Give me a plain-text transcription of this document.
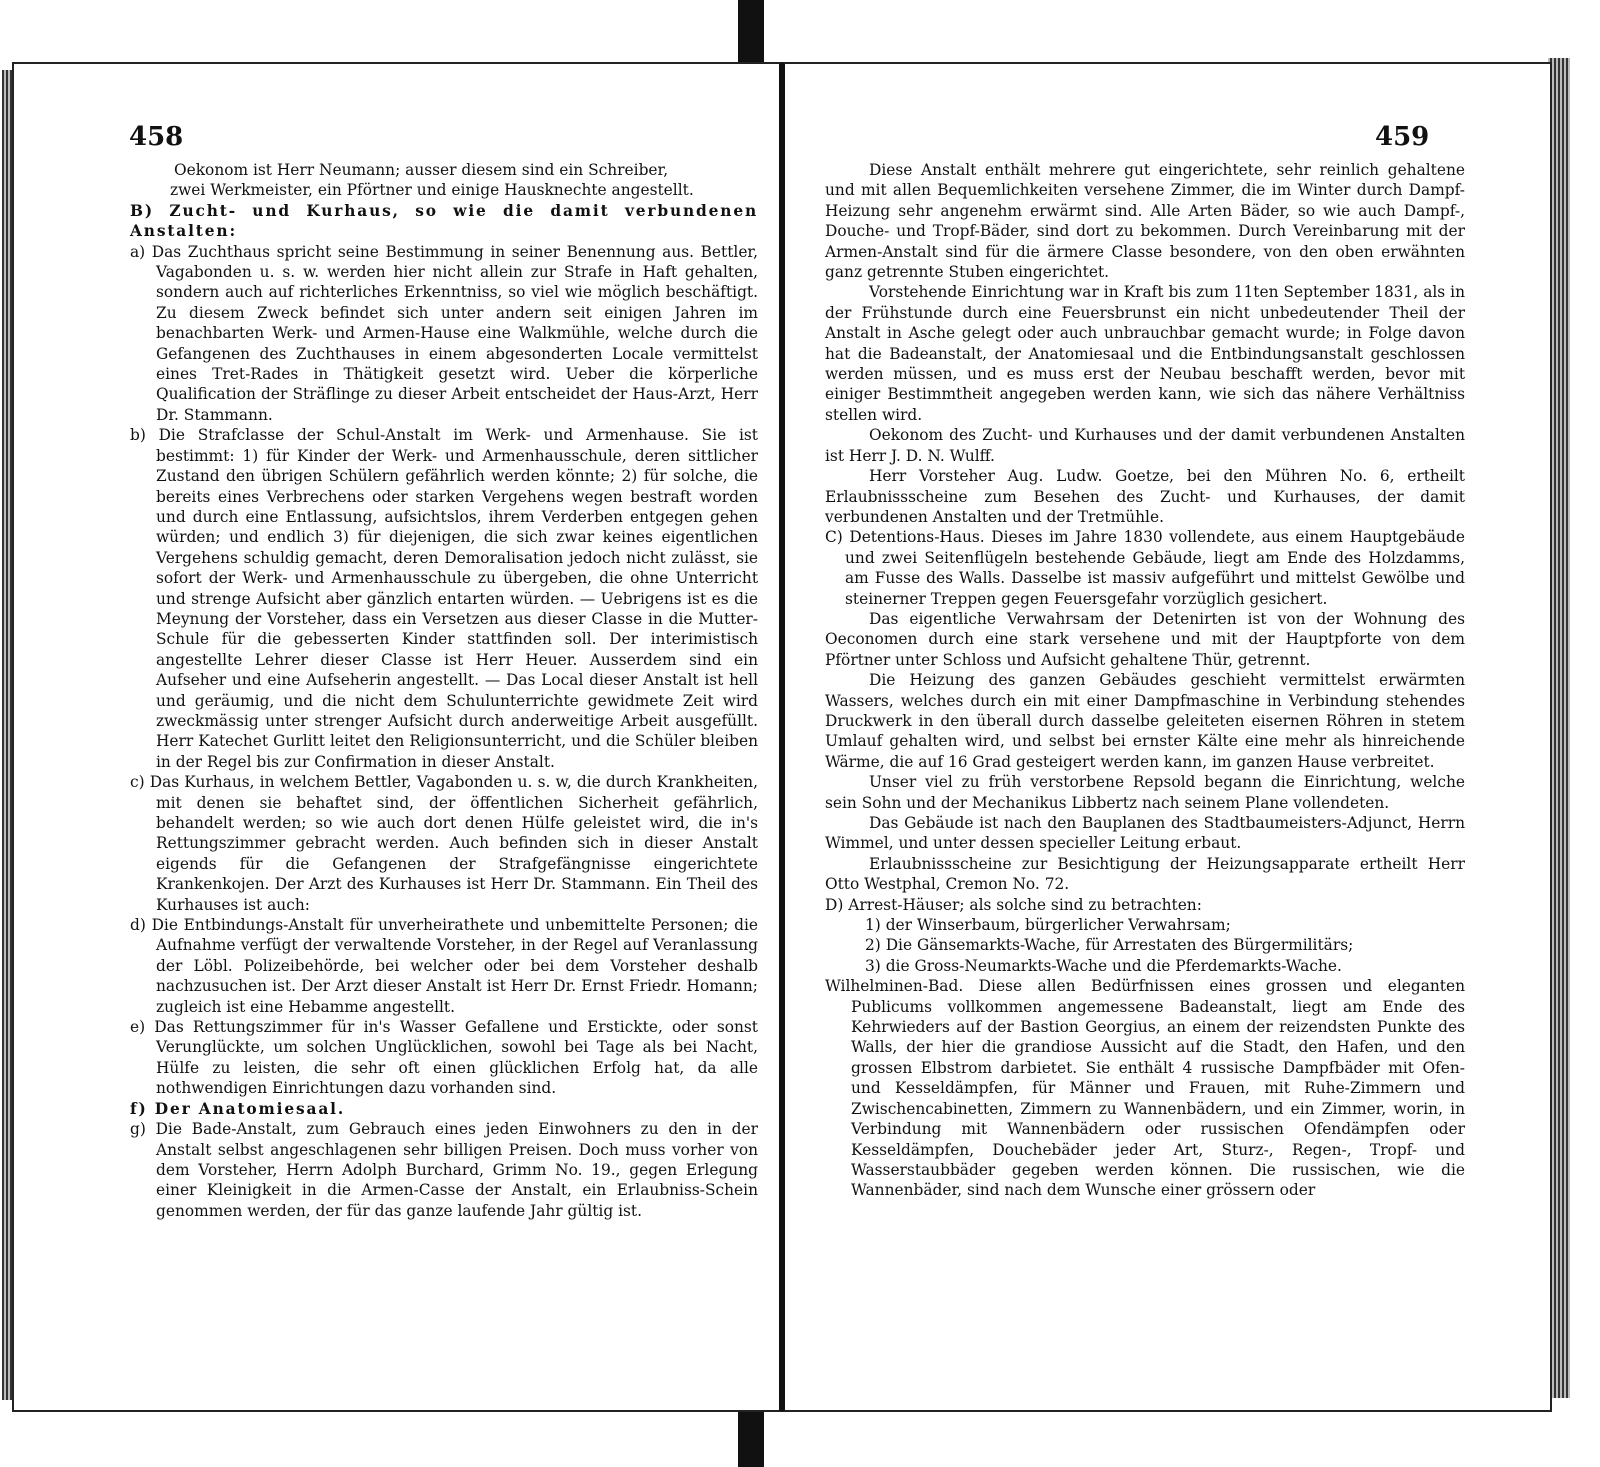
458

Oekonom ist Herr Neumann; ausser diesem sind ein Schreiber,

zwei Werkmeister, ein Pförtner und einige Hausknechte angestellt.

B) Zucht- und Kurhaus, so wie die damit verbundenen Anstalten:

a) Das Zuchthaus spricht seine Bestimmung in seiner Benennung aus. Bettler, Vagabonden u. s. w. werden hier nicht allein zur Strafe in Haft gehalten, sondern auch auf richterliches Erkenntniss, so viel wie möglich beschäftigt. Zu diesem Zweck befindet sich unter andern seit einigen Jahren im benachbarten Werk- und Armen-Hause eine Walkmühle, welche durch die Gefangenen des Zuchthauses in einem abgesonderten Locale vermittelst eines Tret-Rades in Thätigkeit gesetzt wird. Ueber die körperliche Qualification der Sträflinge zu dieser Arbeit entscheidet der Haus-Arzt, Herr Dr. Stammann.

b) Die Strafclasse der Schul-Anstalt im Werk- und Armenhause. Sie ist bestimmt: 1) für Kinder der Werk- und Armenhausschule, deren sittlicher Zustand den übrigen Schülern gefährlich werden könnte; 2) für solche, die bereits eines Verbrechens oder starken Vergehens wegen bestraft worden und durch eine Entlassung, aufsichtslos, ihrem Verderben entgegen gehen würden; und endlich 3) für diejenigen, die sich zwar keines eigentlichen Vergehens schuldig gemacht, deren Demoralisation jedoch nicht zulässt, sie sofort der Werk- und Armenhausschule zu übergeben, die ohne Unterricht und strenge Aufsicht aber gänzlich entarten würden. — Uebrigens ist es die Meynung der Vorsteher, dass ein Versetzen aus dieser Classe in die Mutter-Schule für die gebesserten Kinder stattfinden soll. Der interimistisch angestellte Lehrer dieser Classe ist Herr Heuer. Ausserdem sind ein Aufseher und eine Aufseherin angestellt. — Das Local dieser Anstalt ist hell und geräumig, und die nicht dem Schulunterrichte gewidmete Zeit wird zweckmässig unter strenger Aufsicht durch anderweitige Arbeit ausgefüllt. Herr Katechet Gurlitt leitet den Religionsunterricht, und die Schüler bleiben in der Regel bis zur Confirmation in dieser Anstalt.

c) Das Kurhaus, in welchem Bettler, Vagabonden u. s. w, die durch Krankheiten, mit denen sie behaftet sind, der öffentlichen Sicherheit gefährlich, behandelt werden; so wie auch dort denen Hülfe geleistet wird, die in's Rettungszimmer gebracht werden. Auch befinden sich in dieser Anstalt eigends für die Gefangenen der Strafgefängnisse eingerichtete Krankenkojen. Der Arzt des Kurhauses ist Herr Dr. Stammann. Ein Theil des Kurhauses ist auch:

d) Die Entbindungs-Anstalt für unverheirathete und unbemittelte Personen; die Aufnahme verfügt der verwaltende Vorsteher, in der Regel auf Veranlassung der Löbl. Polizeibehörde, bei welcher oder bei dem Vorsteher deshalb nachzusuchen ist. Der Arzt dieser Anstalt ist Herr Dr. Ernst Friedr. Homann; zugleich ist eine Hebamme angestellt.

e) Das Rettungszimmer für in's Wasser Gefallene und Erstickte, oder sonst Verunglückte, um solchen Unglücklichen, sowohl bei Tage als bei Nacht, Hülfe zu leisten, die sehr oft einen glücklichen Erfolg hat, da alle nothwendigen Einrichtungen dazu vorhanden sind.

f) Der Anatomiesaal.

g) Die Bade-Anstalt, zum Gebrauch eines jeden Einwohners zu den in der Anstalt selbst angeschlagenen sehr billigen Preisen. Doch muss vorher von dem Vorsteher, Herrn Adolph Burchard, Grimm No. 19., gegen Erlegung einer Kleinigkeit in die Armen-Casse der Anstalt, ein Erlaubniss-Schein genommen werden, der für das ganze laufende Jahr gültig ist.

459

Diese Anstalt enthält mehrere gut eingerichtete, sehr reinlich gehaltene und mit allen Bequemlichkeiten versehene Zimmer, die im Winter durch Dampf-Heizung sehr angenehm erwärmt sind. Alle Arten Bäder, so wie auch Dampf-, Douche- und Tropf-Bäder, sind dort zu bekommen. Durch Vereinbarung mit der Armen-Anstalt sind für die ärmere Classe besondere, von den oben erwähnten ganz getrennte Stuben eingerichtet.

Vorstehende Einrichtung war in Kraft bis zum 11ten September 1831, als in der Frühstunde durch eine Feuersbrunst ein nicht unbedeutender Theil der Anstalt in Asche gelegt oder auch unbrauchbar gemacht wurde; in Folge davon hat die Badeanstalt, der Anatomiesaal und die Entbindungsanstalt geschlossen werden müssen, und es muss erst der Neubau beschafft werden, bevor mit einiger Bestimmtheit angegeben werden kann, wie sich das nähere Verhältniss stellen wird.

Oekonom des Zucht- und Kurhauses und der damit verbundenen Anstalten ist Herr J. D. N. Wulff.

Herr Vorsteher Aug. Ludw. Goetze, bei den Mühren No. 6, ertheilt Erlaubnissscheine zum Besehen des Zucht- und Kurhauses, der damit verbundenen Anstalten und der Tretmühle.

C) Detentions-Haus. Dieses im Jahre 1830 vollendete, aus einem Hauptgebäude und zwei Seitenflügeln bestehende Gebäude, liegt am Ende des Holzdamms, am Fusse des Walls. Dasselbe ist massiv aufgeführt und mittelst Gewölbe und steinerner Treppen gegen Feuersgefahr vorzüglich gesichert.

Das eigentliche Verwahrsam der Detenirten ist von der Wohnung des Oeconomen durch eine stark versehene und mit der Hauptpforte von dem Pförtner unter Schloss und Aufsicht gehaltene Thür, getrennt.

Die Heizung des ganzen Gebäudes geschieht vermittelst erwärmten Wassers, welches durch ein mit einer Dampfmaschine in Verbindung stehendes Druckwerk in den überall durch dasselbe geleiteten eisernen Röhren in stetem Umlauf gehalten wird, und selbst bei ernster Kälte eine mehr als hinreichende Wärme, die auf 16 Grad gesteigert werden kann, im ganzen Hause verbreitet.

Unser viel zu früh verstorbene Repsold begann die Einrichtung, welche sein Sohn und der Mechanikus Libbertz nach seinem Plane vollendeten.

Das Gebäude ist nach den Bauplanen des Stadtbaumeisters-Adjunct, Herrn Wimmel, und unter dessen specieller Leitung erbaut.

Erlaubnissscheine zur Besichtigung der Heizungsapparate ertheilt Herr Otto Westphal, Cremon No. 72.

D) Arrest-Häuser; als solche sind zu betrachten:

1) der Winserbaum, bürgerlicher Verwahrsam;

2) Die Gänsemarkts-Wache, für Arrestaten des Bürgermilitärs;

3) die Gross-Neumarkts-Wache und die Pferdemarkts-Wache.

Wilhelminen-Bad. Diese allen Bedürfnissen eines grossen und eleganten Publicums vollkommen angemessene Badeanstalt, liegt am Ende des Kehrwieders auf der Bastion Georgius, an einem der reizendsten Punkte des Walls, der hier die grandiose Aussicht auf die Stadt, den Hafen, und den grossen Elbstrom darbietet. Sie enthält 4 russische Dampfbäder mit Ofen- und Kesseldämpfen, für Männer und Frauen, mit Ruhe-Zimmern und Zwischencabinetten, Zimmern zu Wannenbädern, und ein Zimmer, worin, in Verbindung mit Wannenbädern oder russischen Ofendämpfen oder Kesseldämpfen, Douchebäder jeder Art, Sturz-, Regen-, Tropf- und Wasserstaubbäder gegeben werden können. Die russischen, wie die Wannenbäder, sind nach dem Wunsche einer grössern oder
